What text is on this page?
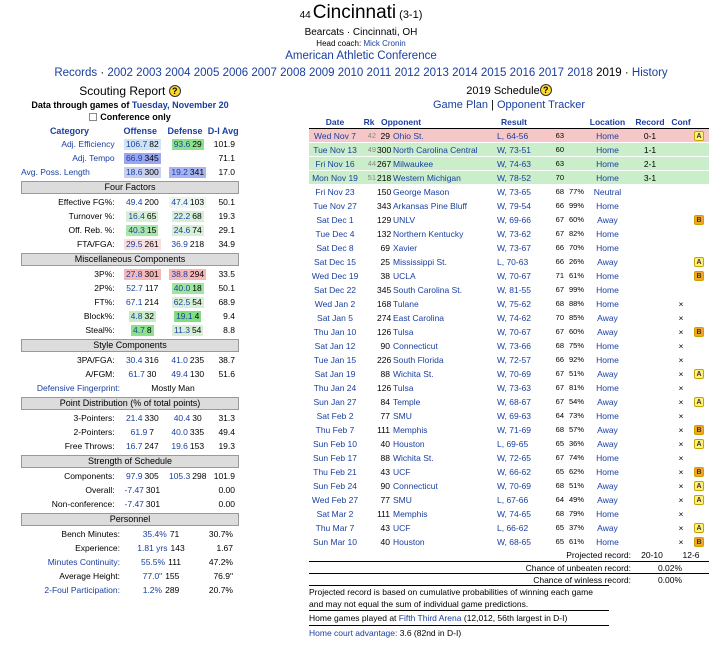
44 Cincinnati (3-1)
Bearcats · Cincinnati, OH
Head coach: Mick Cronin
American Athletic Conference
Records · 2002 2003 2004 2005 2006 2007 2008 2009 2010 2011 2012 2013 2014 2015 2016 2017 2018 2019 · History
Scouting Report ?
Data through games of Tuesday, November 20
Conference only
Category	Offense	Defense D-I Avg
Adj. Efficiency	106.7 82 93.6 29	101.9
Adj. Tempo	66.9 345	71.1
Avg. Poss. Length	18.6 300 19.2 341	17.0
Four Factors
Effective FG%:	49.4 200 47.4 103	50.1
Turnover %:	16.4 65 22.2 68	19.3
Off. Reb. %:	40.3 15 24.6 74	29.1
FTA/FGA:	29.5 261 36.9 218	34.9
Miscellaneous Components
3P%:	27.8 301 38.8 294	33.5
2P%:	52.7 117 40.0 18	50.1
FT%:	67.1 214 62.5 54	68.9
Block%:	4.8 32	19.1 4	9.4
Steal%:	4.7 8	11.3 54	8.8
Style Components
3PA/FGA:	30.4 316 41.0 235	38.7
A/FGM:	61.7 30 49.4 130	51.6
Defensive Fingerprint:	Mostly Man
Point Distribution (% of total points)
3-Pointers:	21.4 330 40.4 30	31.3
2-Pointers:	61.9 7 40.0 335	49.4
Free Throws:	16.7 247 19.6 153	19.3
Strength of Schedule
Components:	97.9 305 105.3 298 101.9
Overall:	-7.47 301	0.00
Non-conference:	-7.47 301	0.00
Personnel
Bench Minutes:	35.4% 71	30.7%
Experience:	1.81 yrs 143	1.67
Minutes Continuity:	55.5% 111	47.2%
Average Height:	77.0" 155	76.9"
2-Foul Participation:	1.2% 289	20.7%
2019 Schedule ?
Game Plan | Opponent Tracker
Date	Rk Opponent	Result	Location	Record Conf
Wed Nov 7	42 29 Ohio St.	L, 64-56	63	Home	0-1	A
Tue Nov 13	49 300 North Carolina Central	W, 73-51	60	Home	1-1
Fri Nov 16	44 267 Milwaukee	W, 74-63	63	Home	2-1
Mon Nov 19	51 218 Western Michigan	W, 78-52	70	Home	3-1
Fri Nov 23	150 George Mason	W, 73-65	68 77%	Neutral
Tue Nov 27	343 Arkansas Pine Bluff	W, 79-54	66 99%	Home
Sat Dec 1	129 UNLV	W, 69-66	67 60%	Away	B
Tue Dec 4	132 Northern Kentucky	W, 73-62	67 82%	Home
Sat Dec 8	69 Xavier	W, 73-67	66 70%	Home
Sat Dec 15	25 Mississippi St.	L, 70-63	66 26%	Away	A
Wed Dec 19	38 UCLA	W, 70-67	71 61%	Home	B
Sat Dec 22	345 South Carolina St.	W, 81-55	67 99%	Home
Wed Jan 2	168 Tulane	W, 75-62	68 88%	Home	×
Sat Jan 5	274 East Carolina	W, 74-62	70 85%	Away	×
Thu Jan 10	126 Tulsa	W, 70-67	67 60%	Away	×	B
Sat Jan 12	90 Connecticut	W, 73-66	68 75%	Home	×
Tue Jan 15	226 South Florida	W, 72-57	66 92%	Home	×
Sat Jan 19	88 Wichita St.	W, 70-69	67 51%	Away	×	A
Thu Jan 24	126 Tulsa	W, 73-63	67 81%	Home	×
Sun Jan 27	84 Temple	W, 68-67	67 54%	Away	×	A
Sat Feb 2	77 SMU	W, 69-63	64 73%	Home	×
Thu Feb 7	111 Memphis	W, 71-69	68 57%	Away	×	B
Sun Feb 10	40 Houston	L, 69-65	65 36%	Away	×	A
Sun Feb 17	88 Wichita St.	W, 72-65	67 74%	Home	×
Thu Feb 21	43 UCF	W, 66-62	65 62%	Home	×	B
Sun Feb 24	90 Connecticut	W, 70-69	68 51%	Away	×	A
Wed Feb 27	77 SMU	L, 67-66	64 49%	Away	×	A
Sat Mar 2	111 Memphis	W, 74-65	68 79%	Home	×
Thu Mar 7	43 UCF	L, 66-62	65 37%	Away	×	A
Sun Mar 10	40 Houston	W, 68-65	65 61%	Home	×	B
Projected record:	20-10	12-6
Chance of unbeaten record:	0.02%
Chance of winless record:	0.00%
Projected record is based on cumulative probabilities of winning each game and may not equal the sum of individual game predictions.
Home games played at Fifth Third Arena (12,012, 56th largest in D-I)
Home court advantage: 3.6 (82nd in D-I)
